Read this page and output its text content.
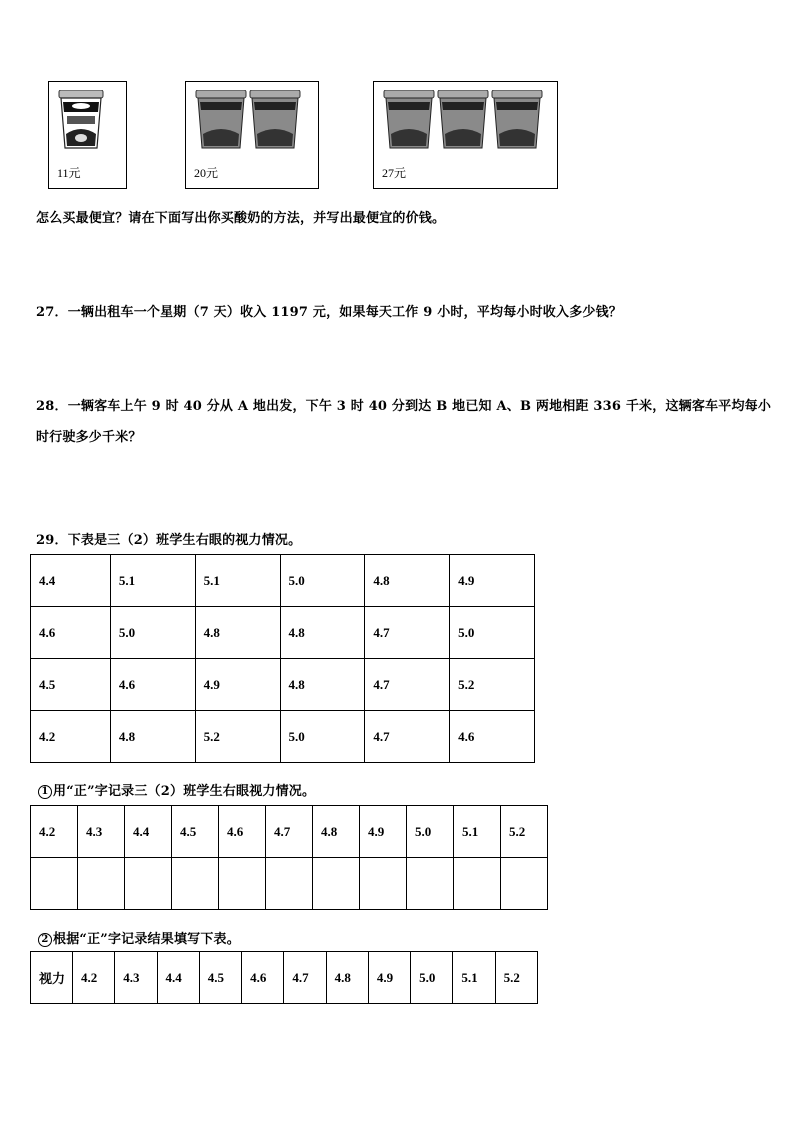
11元	20元	27元
怎么买最便宜？请在下面写出你买酸奶的方法，并写出最便宜的价钱。
27．一辆出租车一个星期（7 天）收入 1197 元，如果每天工作 9 小时，平均每小时收入多少钱？
28．一辆客车上午 9 时 40 分从 A 地出发，下午 3 时 40 分到达 B 地已知 A、B 两地相距 336 千米，这辆客车平均每小
时行驶多少千米？
29．下表是三（2）班学生右眼的视力情况。
4.4	5.1	5.1	5.0	4.8	4.9
4.6	5.0	4.8	4.8	4.7	5.0
4.5	4.6	4.9	4.8	4.7	5.2
4.2	4.8	5.2	5.0	4.7	4.6
1 用“正”字记录三（2）班学生右眼视力情况。
4.2	4.3	4.4	4.5	4.6	4.7	4.8	4.9	5.0	5.1	5.2

2 根据“正”字记录结果填写下表。
视力	4.2	4.3	4.4	4.5	4.6	4.7	4.8	4.9	5.0	5.1	5.2
